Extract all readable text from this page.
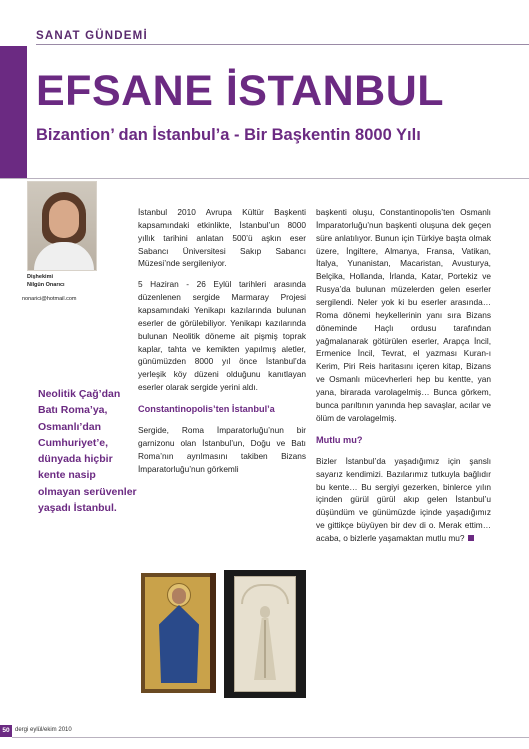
SANAT GÜNDEMİ
EFSANE İSTANBUL
Bizantion’ dan İstanbul’a - Bir Başkentin 8000 Yılı
Dişhekimi
Nilgün Onarıcı
nonarici@hotmail.com
Neolitik Çağ’dan Batı Roma’ya, Osmanlı’dan Cumhuriyet’e, dünyada hiçbir kente nasip olmayan serüvenler yaşadı İstanbul.

İstanbul 2010 Avrupa Kültür Başkenti kapsamındaki etkinlikte, İstanbul’un 8000 yıllık tarihini anlatan 500’ü aşkın eser Sabancı Üniversitesi Sakıp Sabancı Müzesi’nde sergileniyor.

5 Haziran - 26 Eylül tarihleri arasında düzenlenen sergide Marmaray Projesi kapsamındaki Yenikapı kazılarında bulunan eserler de görülebiliyor. Yenikapı kazılarında bulunan Neolitik döneme ait pişmiş toprak kaplar, tahta ve kemikten yapılmış aletler, günümüzden 8000 yıl önce İstanbul’da yerleşik köy düzeni olduğunu kanıtlayan eserler olarak sergide yerini aldı.

Constantinopolis’ten İstanbul’a

Sergide, Roma İmparatorluğu’nun bir garnizonu olan İstanbul’un, Doğu ve Batı Roma’nın ayrılmasını takiben Bizans İmparatorluğu’nun görkemli

başkenti oluşu, Constantinopolis’ten Osmanlı İmparatorluğu’nun başkenti oluşuna dek geçen süre anlatılıyor. Bunun için Türkiye başta olmak üzere, İngiltere, Almanya, Fransa, Vatikan, İtalya, Yunanistan, Macaristan, Avusturya, Belçika, Hollanda, İrlanda, Katar, Portekiz ve Rusya’da bulunan müzelerden gelen eserler sergilendi. Neler yok ki bu eserler arasında… Roma dönemi heykellerinin yanı sıra Bizans döneminde Haçlı ordusu tarafından yağmalanarak götürülen eserler, Arapça İncil, Ermenice İncil, Tevrat, el yazması Kuran-ı Kerim, Piri Reis haritasını içeren kitap, Bizans ve Osmanlı mücevherleri hep bu kentte, yan yana, birarada varolagelmiş… Bunca görkem, bunca parıltının yanında hep savaşlar, acılar ve ölüm de varolagelmiş.

Mutlu mu?

Bizler İstanbul’da yaşadığımız için şanslı sayarız kendimizi. Bazılarımız tutkuyla bağlıdır bu kente… Bu sergiyi gezerken, binlerce yılın içinden gürül gürül akıp gelen İstanbul’u düşündüm ve günümüzde içinde yaşadığımız ve gittikçe büyüyen bir dev di o. Merak ettim…acaba, o bizlerle yaşamaktan mutlu mu?

50 dergi eylül/ekim 2010
